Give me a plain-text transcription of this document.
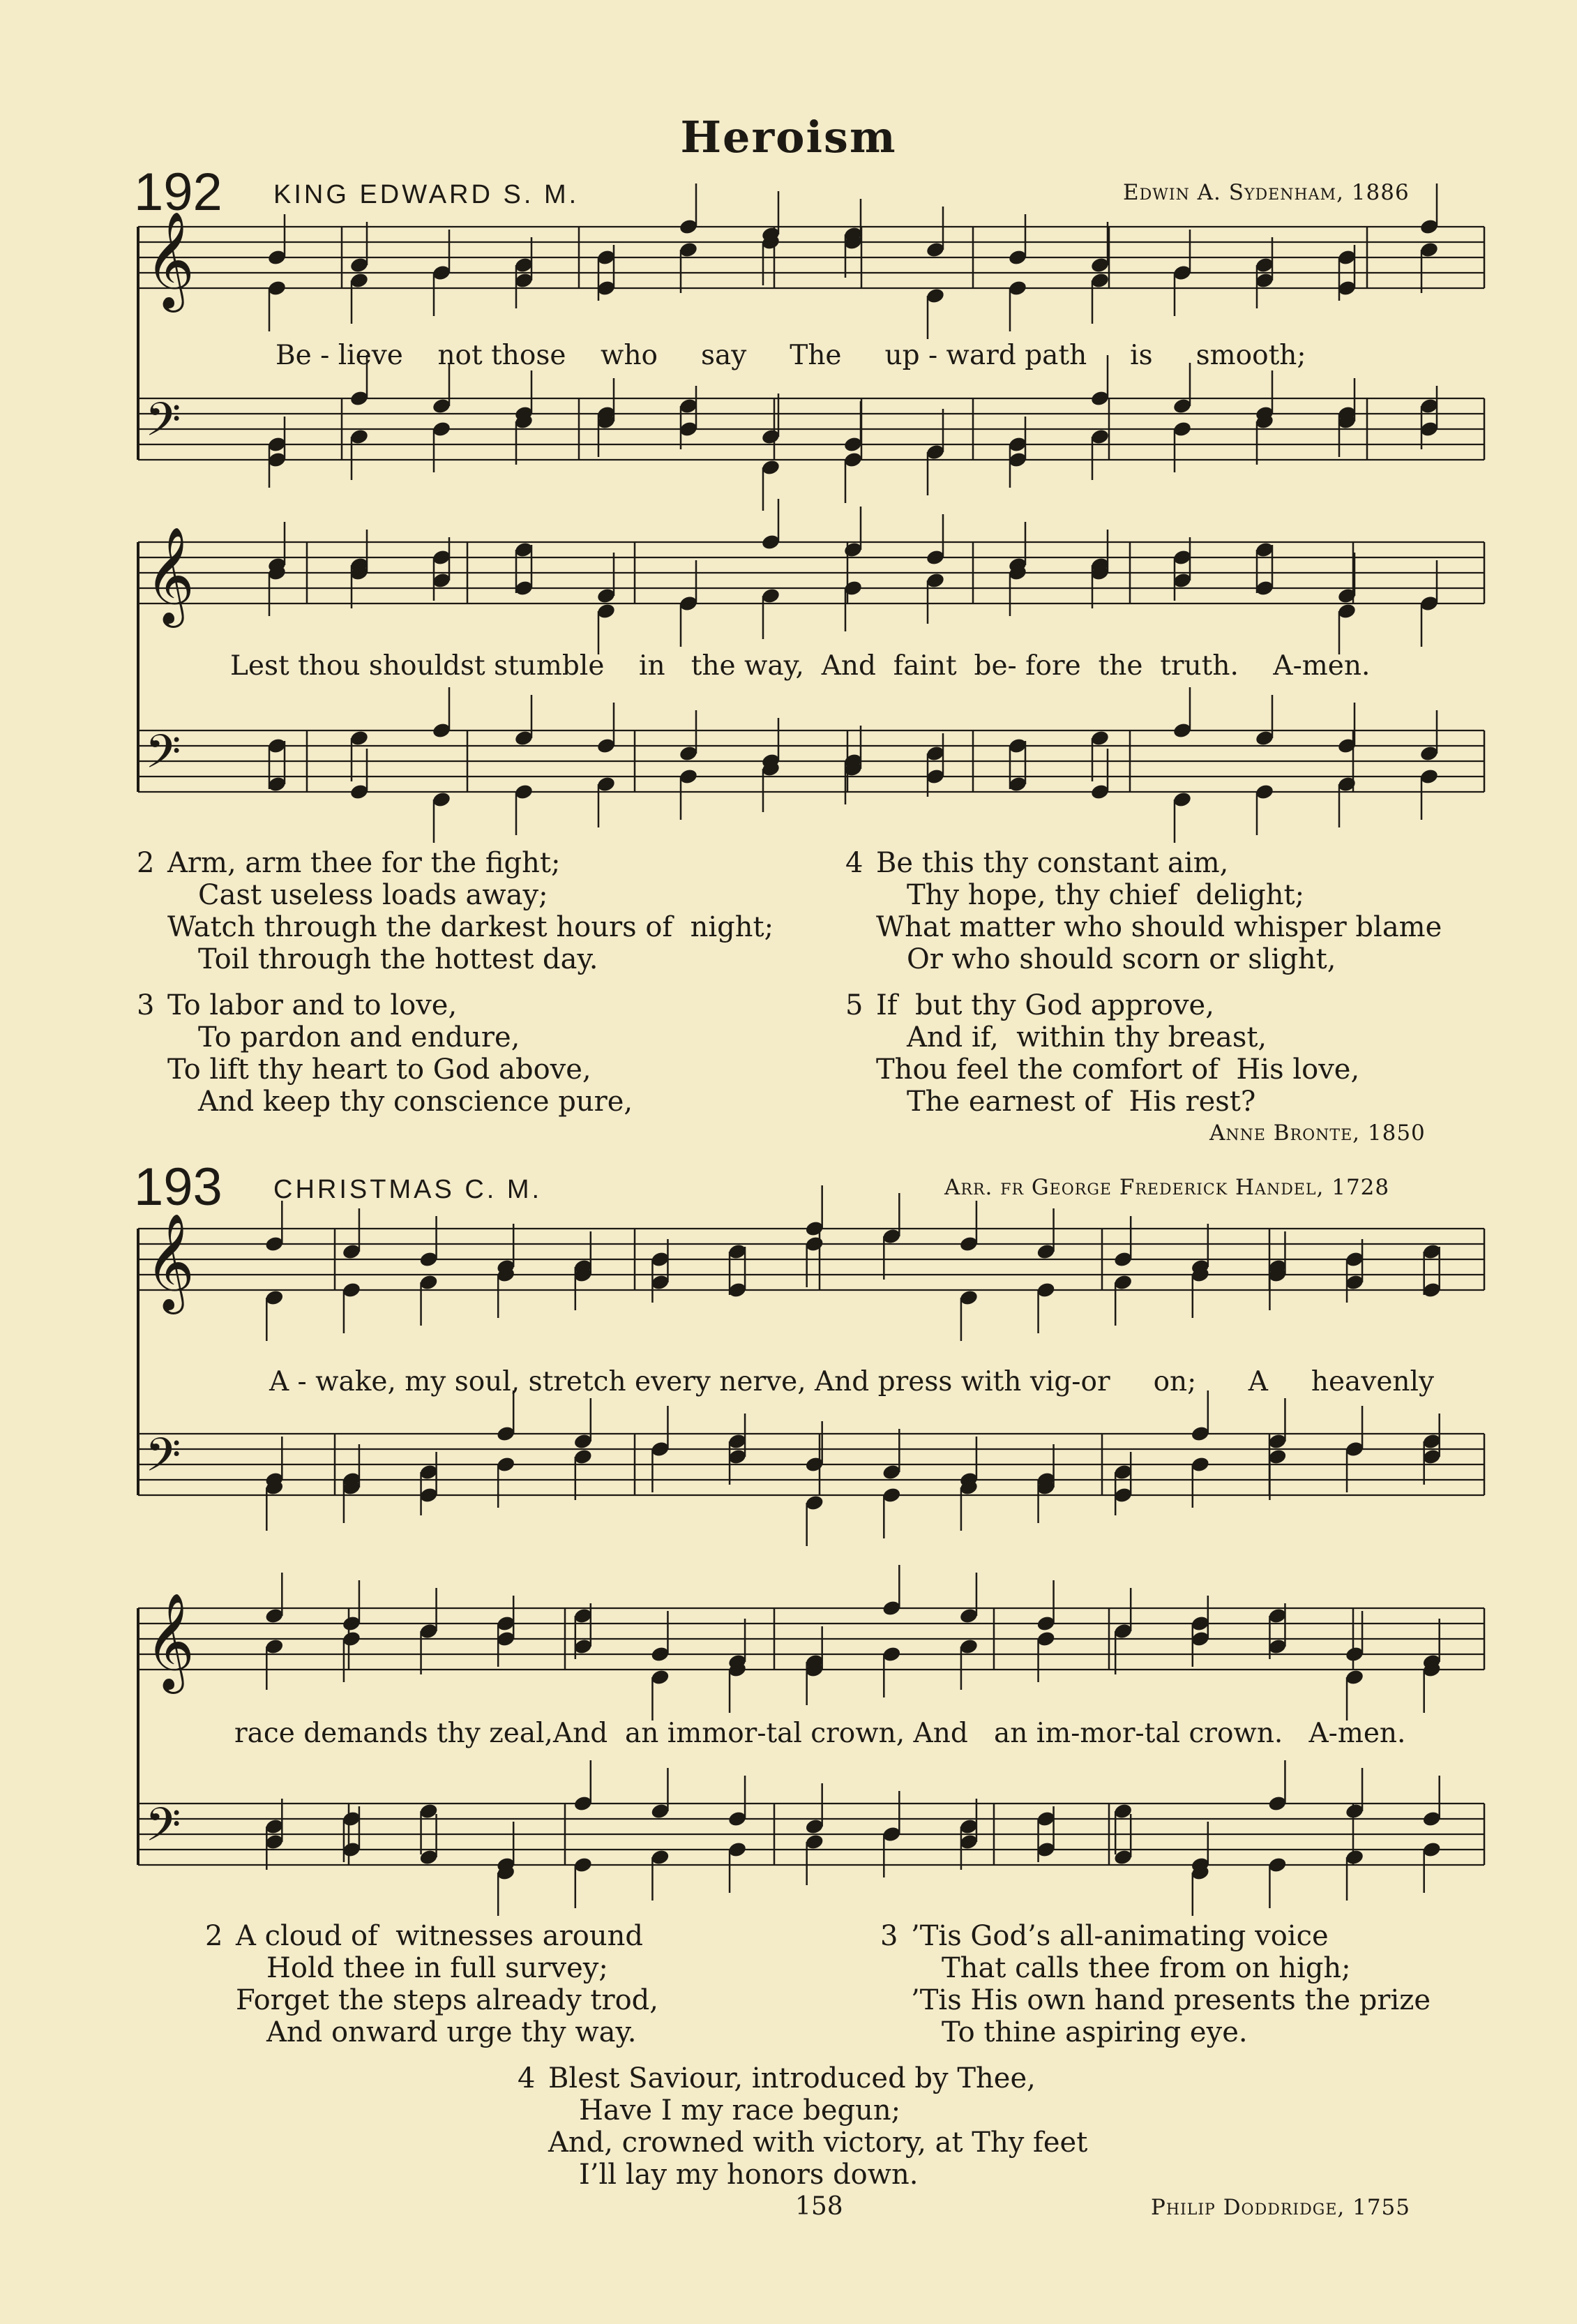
Heroism
192 KING EDWARD S. M.	Edwin A. Sydenham, 1886
𝄞
𝄢
𝄞
𝄢
𝄞
𝄢
𝄞
𝄢
Be - lieve    not those    who     say     The     up - ward path     is     smooth;
Lest thou shouldst stumble    in   the way,  And  faint  be- fore  the  truth.    A-men.
2 Arm, arm thee for the fight;
Cast useless loads away;
Watch through the darkest hours of  night;
Toil through the hottest day.
3 To labor and to love,
To pardon and endure,
To lift thy heart to God above,
And keep thy conscience pure,
4 Be this thy constant aim,
Thy hope, thy chief  delight;
What matter who should whisper blame
Or who should scorn or slight,
5 If  but thy God approve,
And if,  within thy breast,
Thou feel the comfort of  His love,
The earnest of  His rest?
Anne Bronte, 1850
193 CHRISTMAS C. M.	Arr. fr George Frederick Handel, 1728
A - wake, my soul, stretch every nerve, And press with vig-or     on;      A     heavenly
race demands thy zeal,And  an immor-tal crown, And   an im-mor-tal crown.   A-men.
2 A cloud of  witnesses around
Hold thee in full survey;
Forget the steps already trod,
And onward urge thy way.
3 ’Tis God’s all-animating voice
That calls thee from on high;
’Tis His own hand presents the prize
To thine aspiring eye.
4 Blest Saviour, introduced by Thee,
Have I my race begun;
And, crowned with victory, at Thy feet
I’ll lay my honors down.
158	Philip Doddridge, 1755
